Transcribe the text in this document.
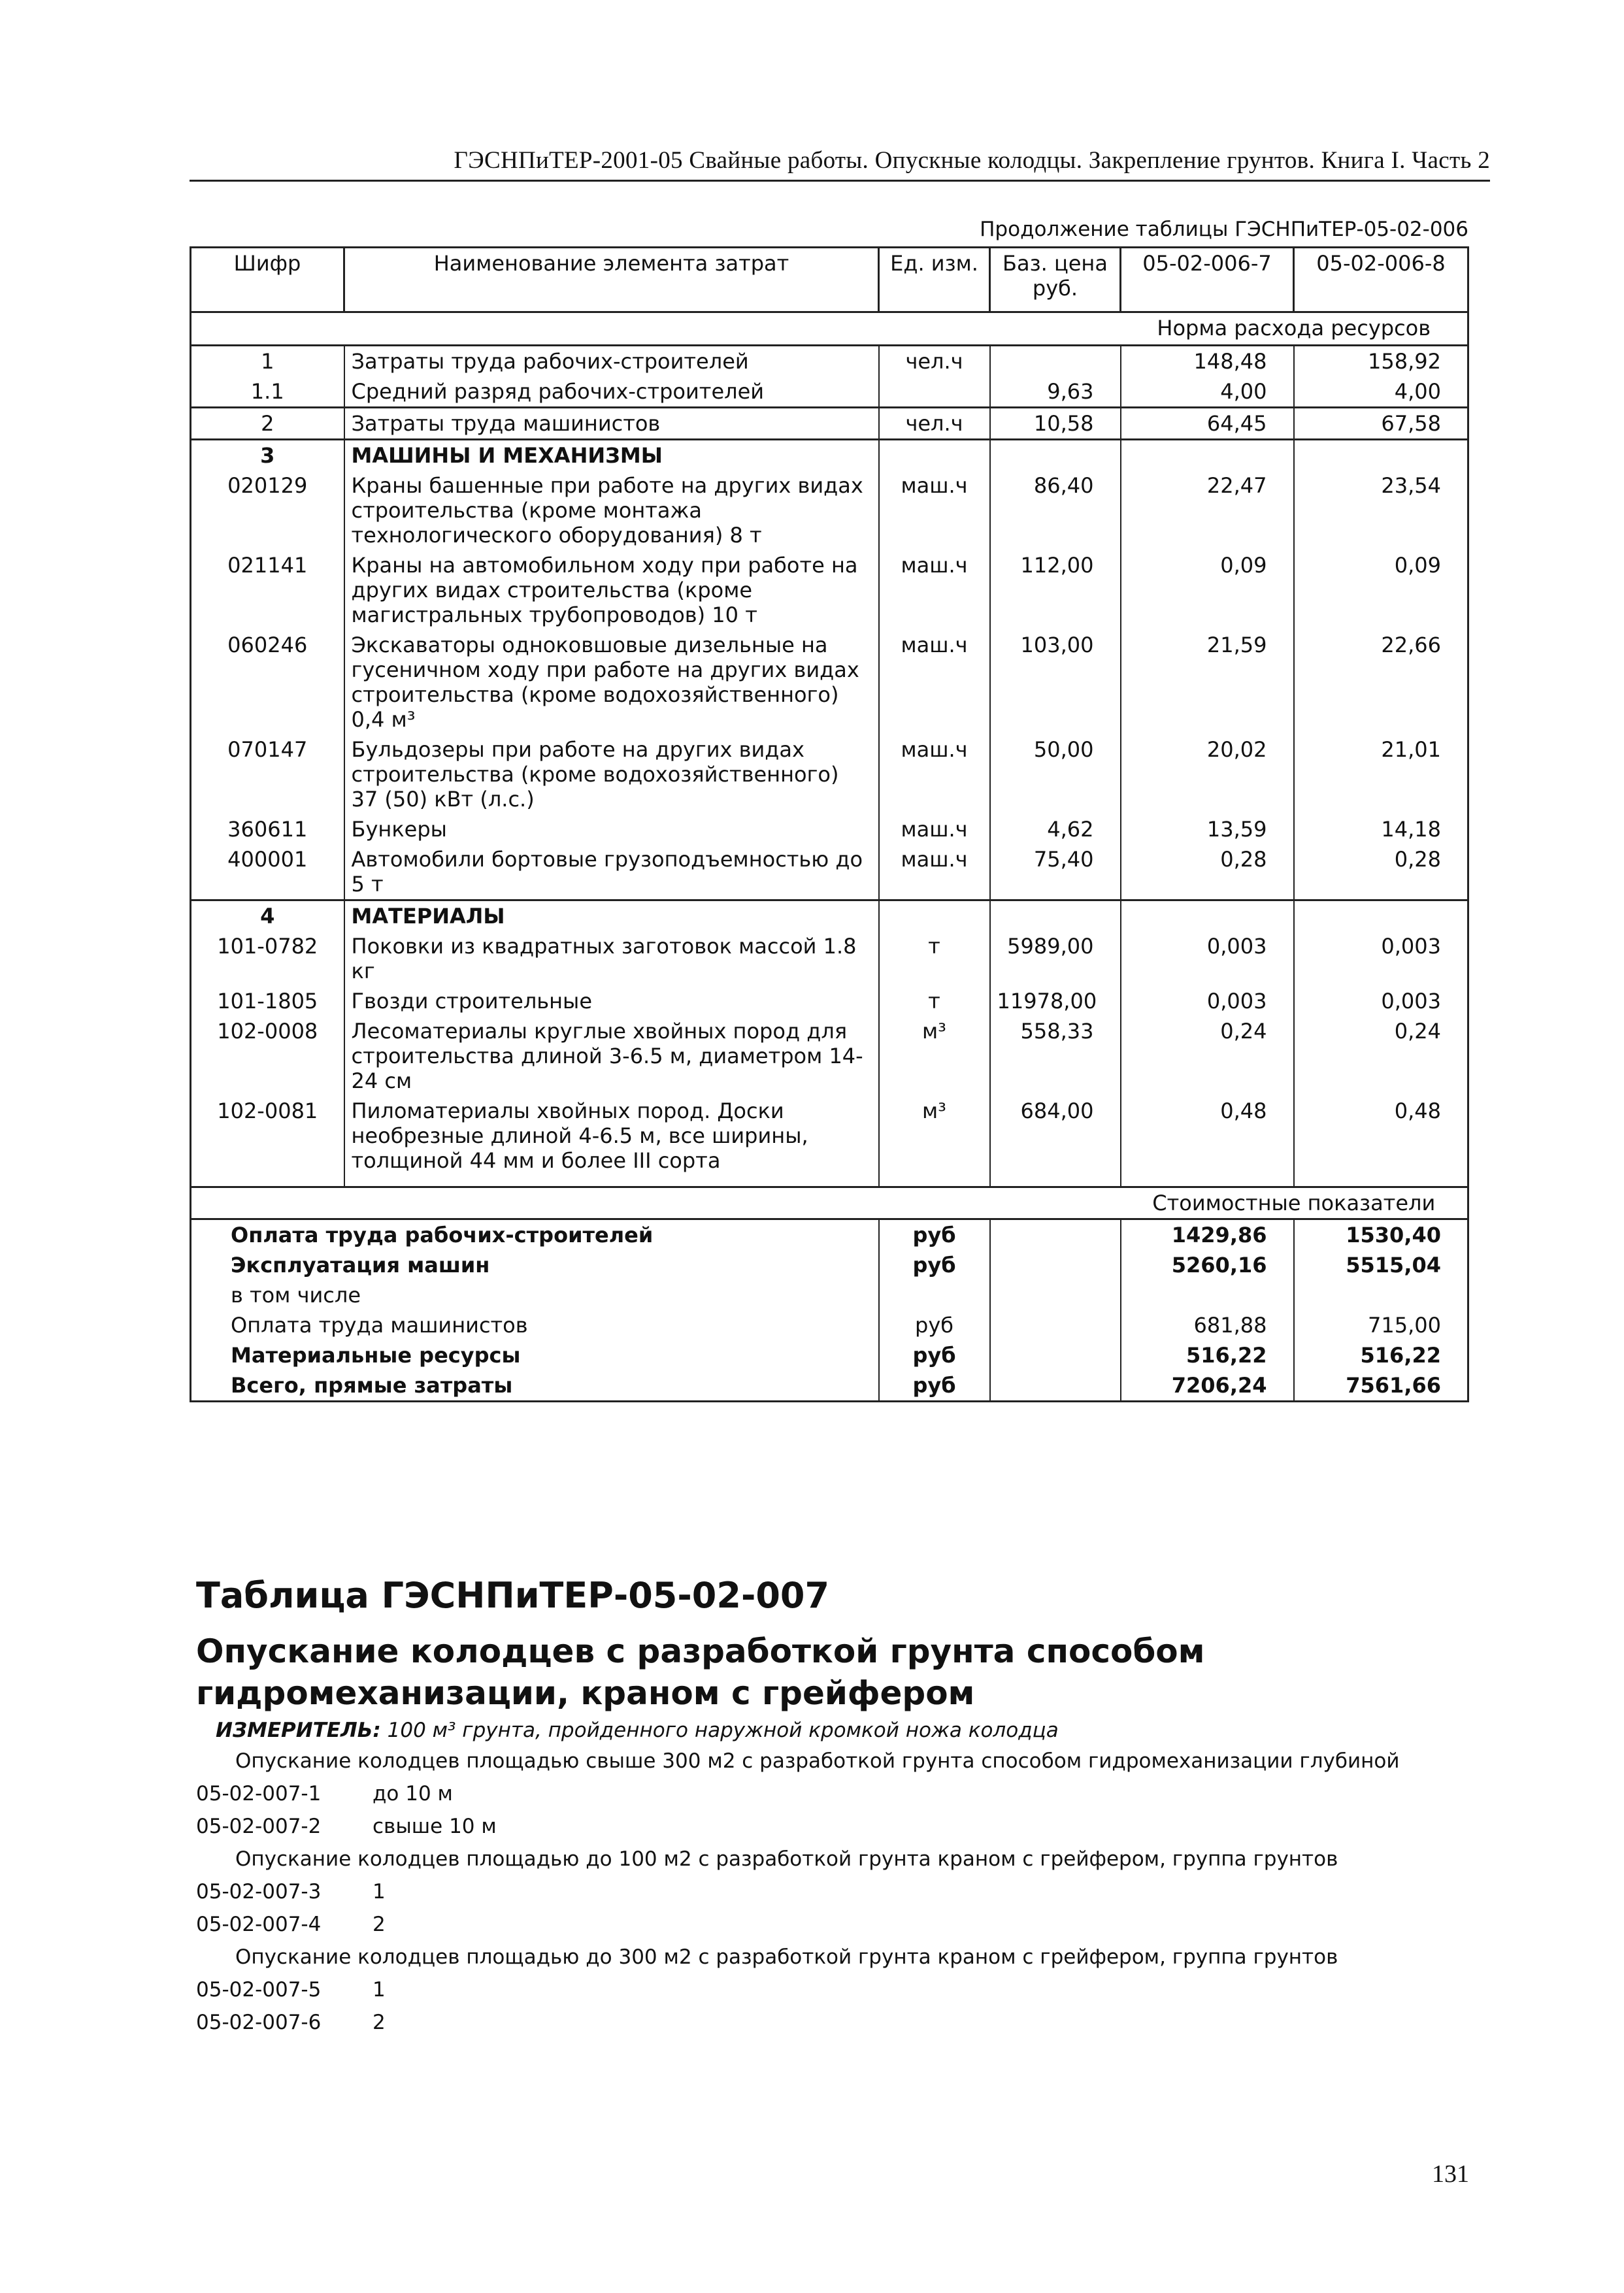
ГЭСНПиТЕР-2001-05 Свайные работы. Опускные колодцы. Закрепление грунтов. Книга I. Часть 2
Продолжение таблицы ГЭСНПиТЕР-05-02-006
Шифр	Наименование элемента затрат	Ед. изм.	Баз. цена руб.	05-02-006-7	05-02-006-8
				Норма расхода ресурсов	
1	Затраты труда рабочих-строителей	чел.ч		148,48	158,92
1.1	Средний разряд рабочих-строителей		9,63	4,00	4,00
2	Затраты труда машинистов	чел.ч	10,58	64,45	67,58
3	МАШИНЫ И МЕХАНИЗМЫ				
020129	Краны башенные при работе на других видах строительства (кроме монтажа технологического оборудования) 8 т	маш.ч	86,40	22,47	23,54
021141	Краны на автомобильном ходу при работе на других видах строительства (кроме магистральных трубопроводов) 10 т	маш.ч	112,00	0,09	0,09
060246	Экскаваторы одноковшовые дизельные на гусеничном ходу при работе на других видах строительства (кроме водохозяйственного) 0,4 м³	маш.ч	103,00	21,59	22,66
070147	Бульдозеры при работе на других видах строительства (кроме водохозяйственного) 37 (50) кВт (л.с.)	маш.ч	50,00	20,02	21,01
360611	Бункеры	маш.ч	4,62	13,59	14,18
400001	Автомобили бортовые грузоподъемностью до 5 т	маш.ч	75,40	0,28	0,28
4	МАТЕРИАЛЫ				
101-0782	Поковки из квадратных заготовок массой 1.8 кг	т	5989,00	0,003	0,003
101-1805	Гвозди строительные	т	11978,00	0,003	0,003
102-0008	Лесоматериалы круглые хвойных пород для строительства длиной 3-6.5 м, диаметром 14-24 см	м³	558,33	0,24	0,24
102-0081	Пиломатериалы хвойных пород. Доски необрезные длиной 4-6.5 м, все ширины, толщиной 44 мм и более III сорта	м³	684,00	0,48	0,48
				Стоимостные показатели	
Оплата труда рабочих-строителей		руб		1429,86	1530,40
Эксплуатация машин		руб		5260,16	5515,04
в том числе					
Оплата труда машинистов		руб		681,88	715,00
Материальные ресурсы		руб		516,22	516,22
Всего, прямые затраты		руб		7206,24	7561,66
Таблица ГЭСНПиТЕР-05-02-007
Опускание колодцев с разработкой грунта способом
гидромеханизации, краном с грейфером
ИЗМЕРИТЕЛЬ: 100 м³ грунта, пройденного наружной кромкой ножа колодца
Опускание колодцев площадью свыше 300 м2 с разработкой грунта способом гидромеханизации глубиной
05-02-007-1	до 10 м
05-02-007-2	свыше 10 м
Опускание колодцев площадью до 100 м2 с разработкой грунта краном с грейфером, группа грунтов
05-02-007-3	1
05-02-007-4	2
Опускание колодцев площадью до 300 м2 с разработкой грунта краном с грейфером, группа грунтов
05-02-007-5	1
05-02-007-6	2
131
